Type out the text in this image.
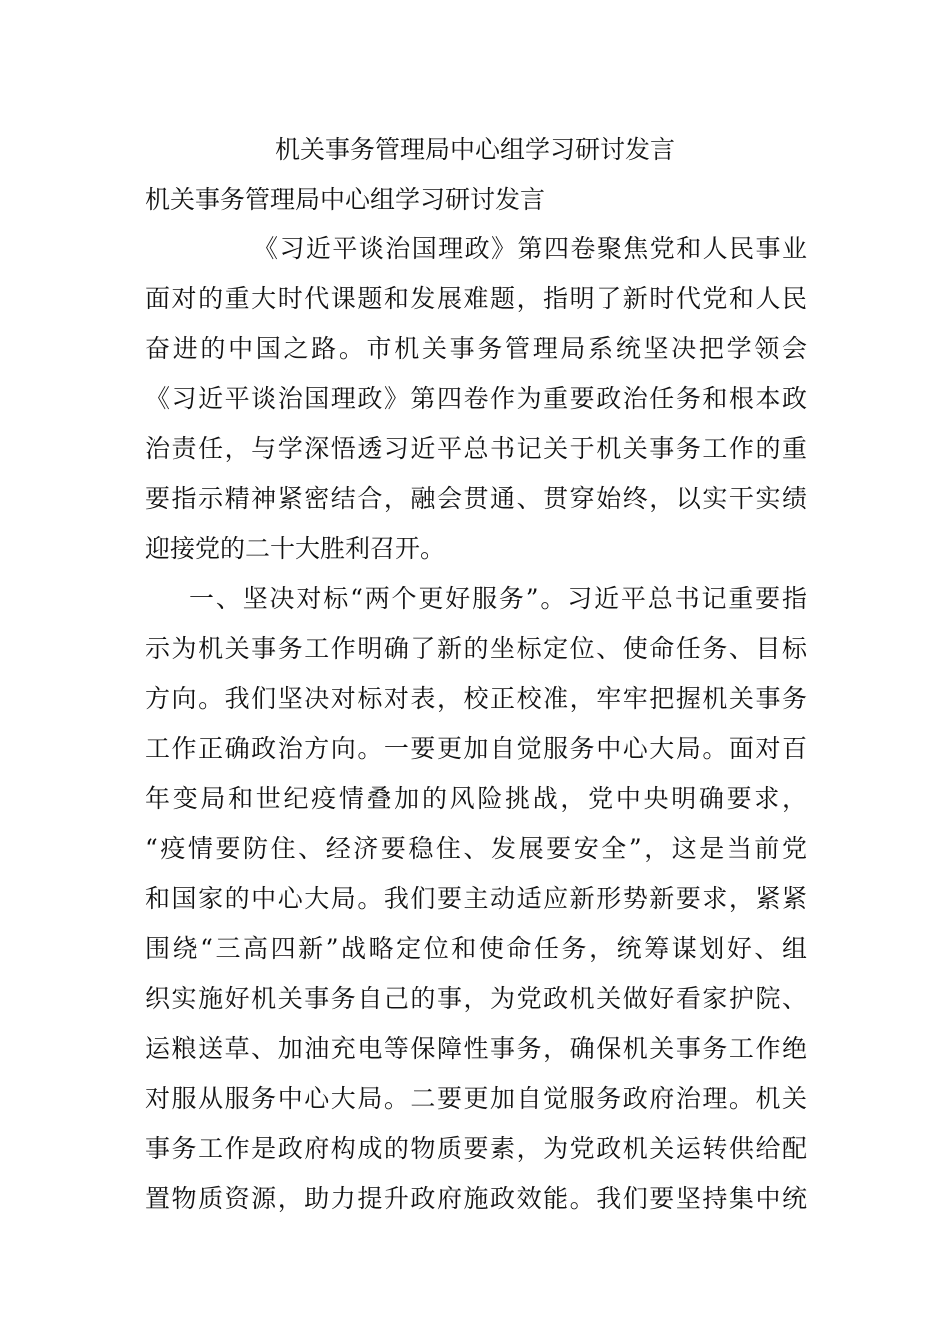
机关事务管理局中心组学习研讨发言
机关事务管理局中心组学习研讨发言
《习近平谈治国理政》第四卷聚焦党和人民事业
面对的重大时代课题和发展难题，指明了新时代党和人民
奋进的中国之路。市机关事务管理局系统坚决把学领会
《习近平谈治国理政》第四卷作为重要政治任务和根本政
治责任，与学深悟透习近平总书记关于机关事务工作的重
要指示精神紧密结合，融会贯通、贯穿始终，以实干实绩
迎接党的二十大胜利召开。
一、坚决对标“两个更好服务”。习近平总书记重要指
示为机关事务工作明确了新的坐标定位、使命任务、目标
方向。我们坚决对标对表，校正校准，牢牢把握机关事务
工作正确政治方向。一要更加自觉服务中心大局。面对百
年变局和世纪疫情叠加的风险挑战，党中央明确要求，
“疫情要防住、经济要稳住、发展要安全”，这是当前党
和国家的中心大局。我们要主动适应新形势新要求，紧紧
围绕“三高四新”战略定位和使命任务，统筹谋划好、组
织实施好机关事务自己的事，为党政机关做好看家护院、
运粮送草、加油充电等保障性事务，确保机关事务工作绝
对服从服务中心大局。二要更加自觉服务政府治理。机关
事务工作是政府构成的物质要素，为党政机关运转供给配
置物质资源，助力提升政府施政效能。我们要坚持集中统
